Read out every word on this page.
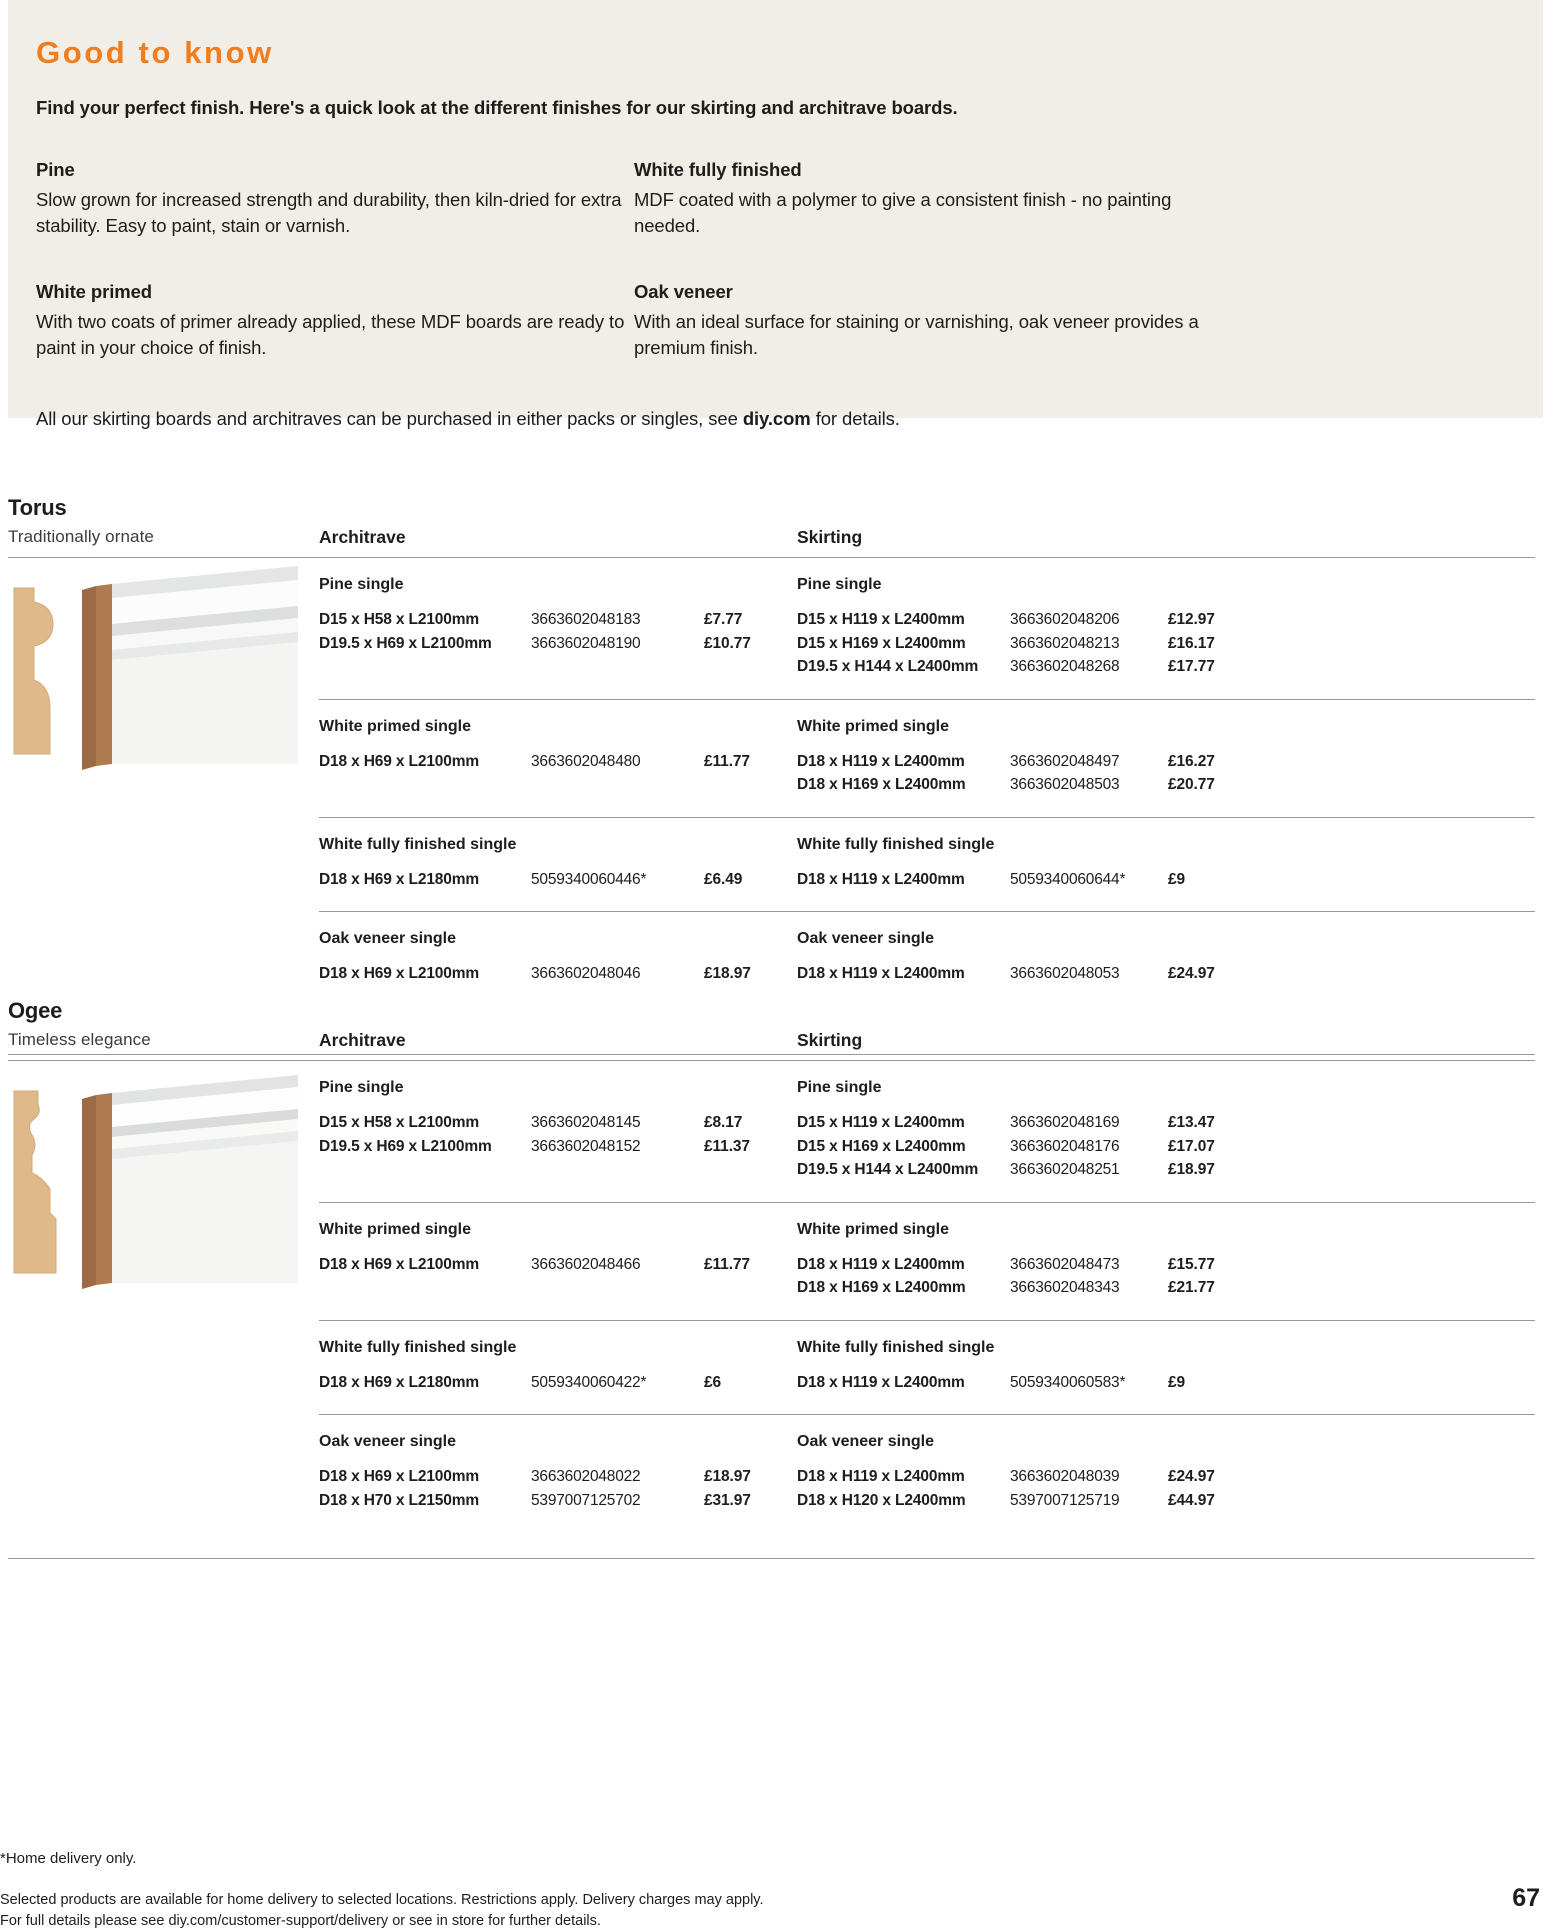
Good to know

Find your perfect finish. Here's a quick look at the different finishes for our skirting and architrave boards.

Pine
Slow grown for increased strength and durability, then kiln-dried for extra stability. Easy to paint, stain or varnish.
White primed
With two coats of primer already applied, these MDF boards are ready to paint in your choice of finish.
White fully finished
MDF coated with a polymer to give a consistent finish - no painting needed.
Oak veneer
With an ideal surface for staining or varnishing, oak veneer provides a premium finish.

All our skirting boards and architraves can be purchased in either packs or singles, see diy.com for details.

Torus
Traditionally ornate	Architrave	Skirting
Pine single
D15 x H58 x L2100mm	3663602048183	£7.77
D19.5 x H69 x L2100mm	3663602048190	£10.77
Pine single
D15 x H119 x L2400mm	3663602048206	£12.97
D15 x H169 x L2400mm	3663602048213	£16.17
D19.5 x H144 x L2400mm	3663602048268	£17.77
White primed single
D18 x H69 x L2100mm	3663602048480	£11.77
White primed single
D18 x H119 x L2400mm	3663602048497	£16.27
D18 x H169 x L2400mm	3663602048503	£20.77
White fully finished single
D18 x H69 x L2180mm	5059340060446*	£6.49
White fully finished single
D18 x H119 x L2400mm	5059340060644*	£9
Oak veneer single
D18 x H69 x L2100mm	3663602048046	£18.97
Oak veneer single
D18 x H119 x L2400mm	3663602048053	£24.97
Ogee
Timeless elegance	Architrave	Skirting
Pine single
D15 x H58 x L2100mm	3663602048145	£8.17
D19.5 x H69 x L2100mm	3663602048152	£11.37
Pine single
D15 x H119 x L2400mm	3663602048169	£13.47
D15 x H169 x L2400mm	3663602048176	£17.07
D19.5 x H144 x L2400mm	3663602048251	£18.97
White primed single
D18 x H69 x L2100mm	3663602048466	£11.77
White primed single
D18 x H119 x L2400mm	3663602048473	£15.77
D18 x H169 x L2400mm	3663602048343	£21.77
White fully finished single
D18 x H69 x L2180mm	5059340060422*	£6
White fully finished single
D18 x H119 x L2400mm	5059340060583*	£9
Oak veneer single
D18 x H69 x L2100mm	3663602048022	£18.97
D18 x H70 x L2150mm	5397007125702	£31.97
Oak veneer single
D18 x H119 x L2400mm	3663602048039	£24.97
D18 x H120 x L2400mm	5397007125719	£44.97
*Home delivery only.
Selected products are available for home delivery to selected locations. Restrictions apply. Delivery charges may apply.
For full details please see diy.com/customer-support/delivery or see in store for further details.
67
